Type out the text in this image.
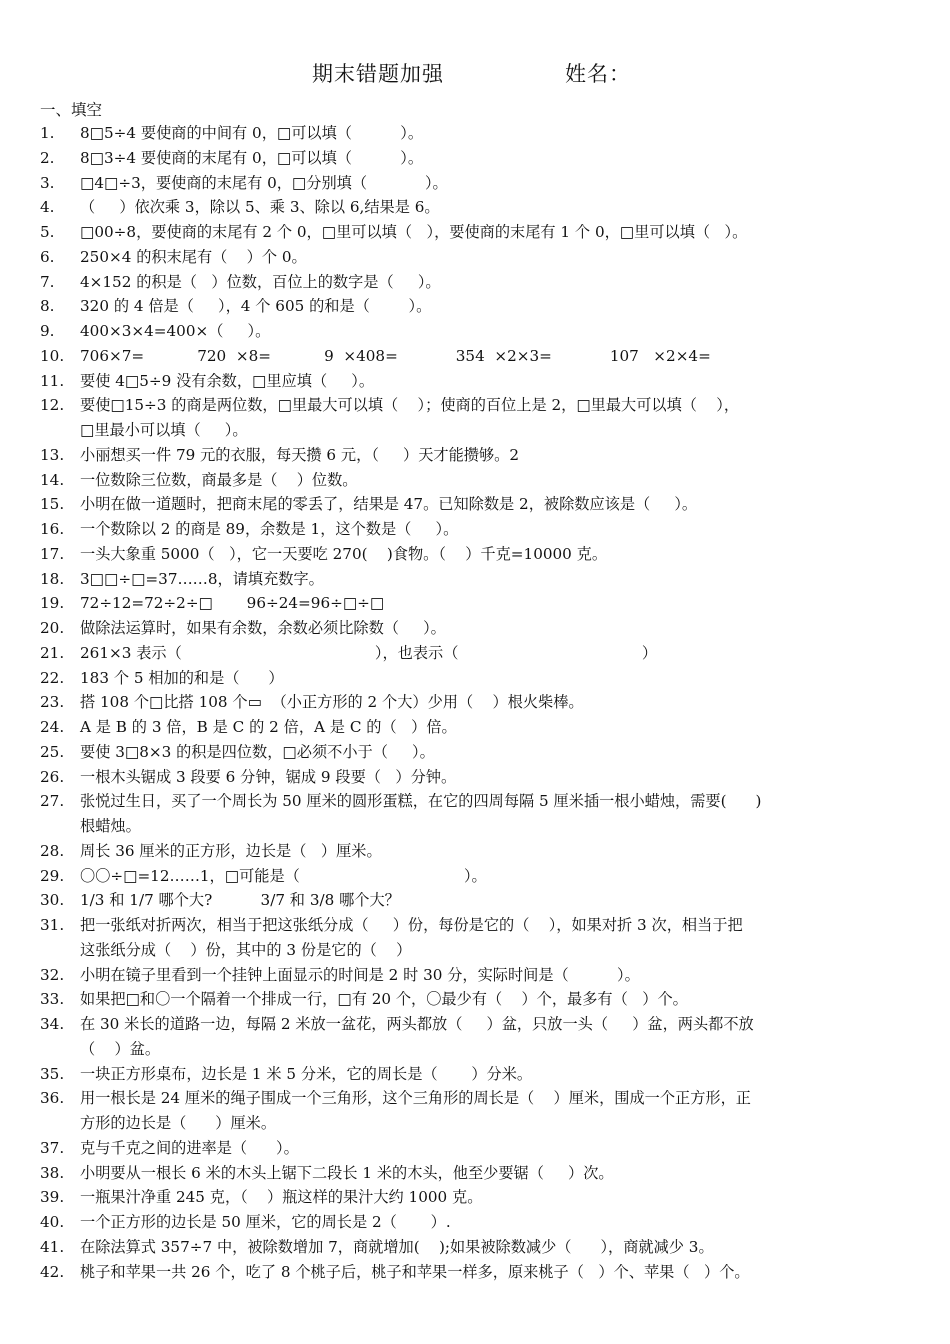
期末错题加强	姓名：
一、填空
1.	8□5÷4 要使商的中间有 0，□可以填（          ）。
2.	8□3÷4 要使商的末尾有 0，□可以填（          ）。
3.	□4□÷3，要使商的末尾有 0，□分别填（            ）。
4.	（     ）依次乘 3，除以 5、乘 3、除以 6,结果是 6。
5.	□00÷8，要使商的末尾有 2 个 0，□里可以填（   ），要使商的末尾有 1 个 0，□里可以填（   ）。
6.	250×4 的积末尾有（    ）个 0。
7.	4×152 的积是（   ）位数，百位上的数字是（     ）。
8.	320 的 4 倍是（     ），4 个 605 的和是（        ）。
9.	400×3×4=400×（     ）。
10.	706×7=           720  ×8=           9  ×408=            354  ×2×3=            107   ×2×4=
11.	要使 4□5÷9 没有余数，□里应填（     ）。
12.	要使□15÷3 的商是两位数，□里最大可以填（    ）；使商的百位上是 2，□里最大可以填（    ），
□里最小可以填（     ）。
13.	小丽想买一件 79 元的衣服，每天攒 6 元，（     ）天才能攒够。2
14.	一位数除三位数，商最多是（    ）位数。
15.	小明在做一道题时，把商末尾的零丢了，结果是 47。已知除数是 2，被除数应该是（     ）。
16.	一个数除以 2 的商是 89，余数是 1，这个数是（     ）。
17.	一头大象重 5000（   ），它一天要吃 270(    )食物。（    ）千克=10000 克。
18.	3□□÷□=37……8，请填充数字。
19.	72÷12=72÷2÷□       96÷24=96÷□÷□
20.	做除法运算时，如果有余数，余数必须比除数（     ）。
21.	261×3 表示（                                        ），也表示（                                      ）
22.	183 个 5 相加的和是（      ）
23.	搭 108 个□比搭 108 个▭  （小正方形的 2 个大）少用（    ）根火柴棒。
24.	A 是 B 的 3 倍，B 是 C 的 2 倍，A 是 C 的（   ）倍。
25.	要使 3□8×3 的积是四位数，□必须不小于（     ）。
26.	一根木头锯成 3 段要 6 分钟，锯成 9 段要（   ）分钟。
27.	张悦过生日，买了一个周长为 50 厘米的圆形蛋糕，在它的四周每隔 5 厘米插一根小蜡烛，需要(      )
根蜡烛。
28.	周长 36 厘米的正方形，边长是（   ）厘米。
29.	〇〇÷□=12……1，□可能是（                                  ）。
30.	1/3 和 1/7 哪个大?          3/7 和 3/8 哪个大？
31.	把一张纸对折两次，相当于把这张纸分成（     ）份，每份是它的（    ），如果对折 3 次，相当于把
这张纸分成（    ）份，其中的 3 份是它的（    ）
32.	小明在镜子里看到一个挂钟上面显示的时间是 2 时 30 分，实际时间是（          ）。
33.	如果把□和〇一个隔着一个排成一行，□有 20 个，〇最少有（    ）个，最多有（   ）个。
34.	在 30 米长的道路一边，每隔 2 米放一盆花，两头都放（     ）盆，只放一头（     ）盆，两头都不放
（    ）盆。
35.	一块正方形桌布，边长是 1 米 5 分米，它的周长是（       ）分米。
36.	用一根长是 24 厘米的绳子围成一个三角形，这个三角形的周长是（    ）厘米，围成一个正方形，正
方形的边长是（      ）厘米。
37.	克与千克之间的进率是（      ）。
38.	小明要从一根长 6 米的木头上锯下二段长 1 米的木头，他至少要锯（     ）次。
39.	一瓶果汁净重 245 克，（    ）瓶这样的果汁大约 1000 克。
40.	一个正方形的边长是 50 厘米，它的周长是 2（       ）.
41.	在除法算式 357÷7 中，被除数增加 7，商就增加(    );如果被除数减少（      ），商就减少 3。
42.	桃子和苹果一共 26 个，吃了 8 个桃子后，桃子和苹果一样多，原来桃子（   ）个、苹果（   ）个。
